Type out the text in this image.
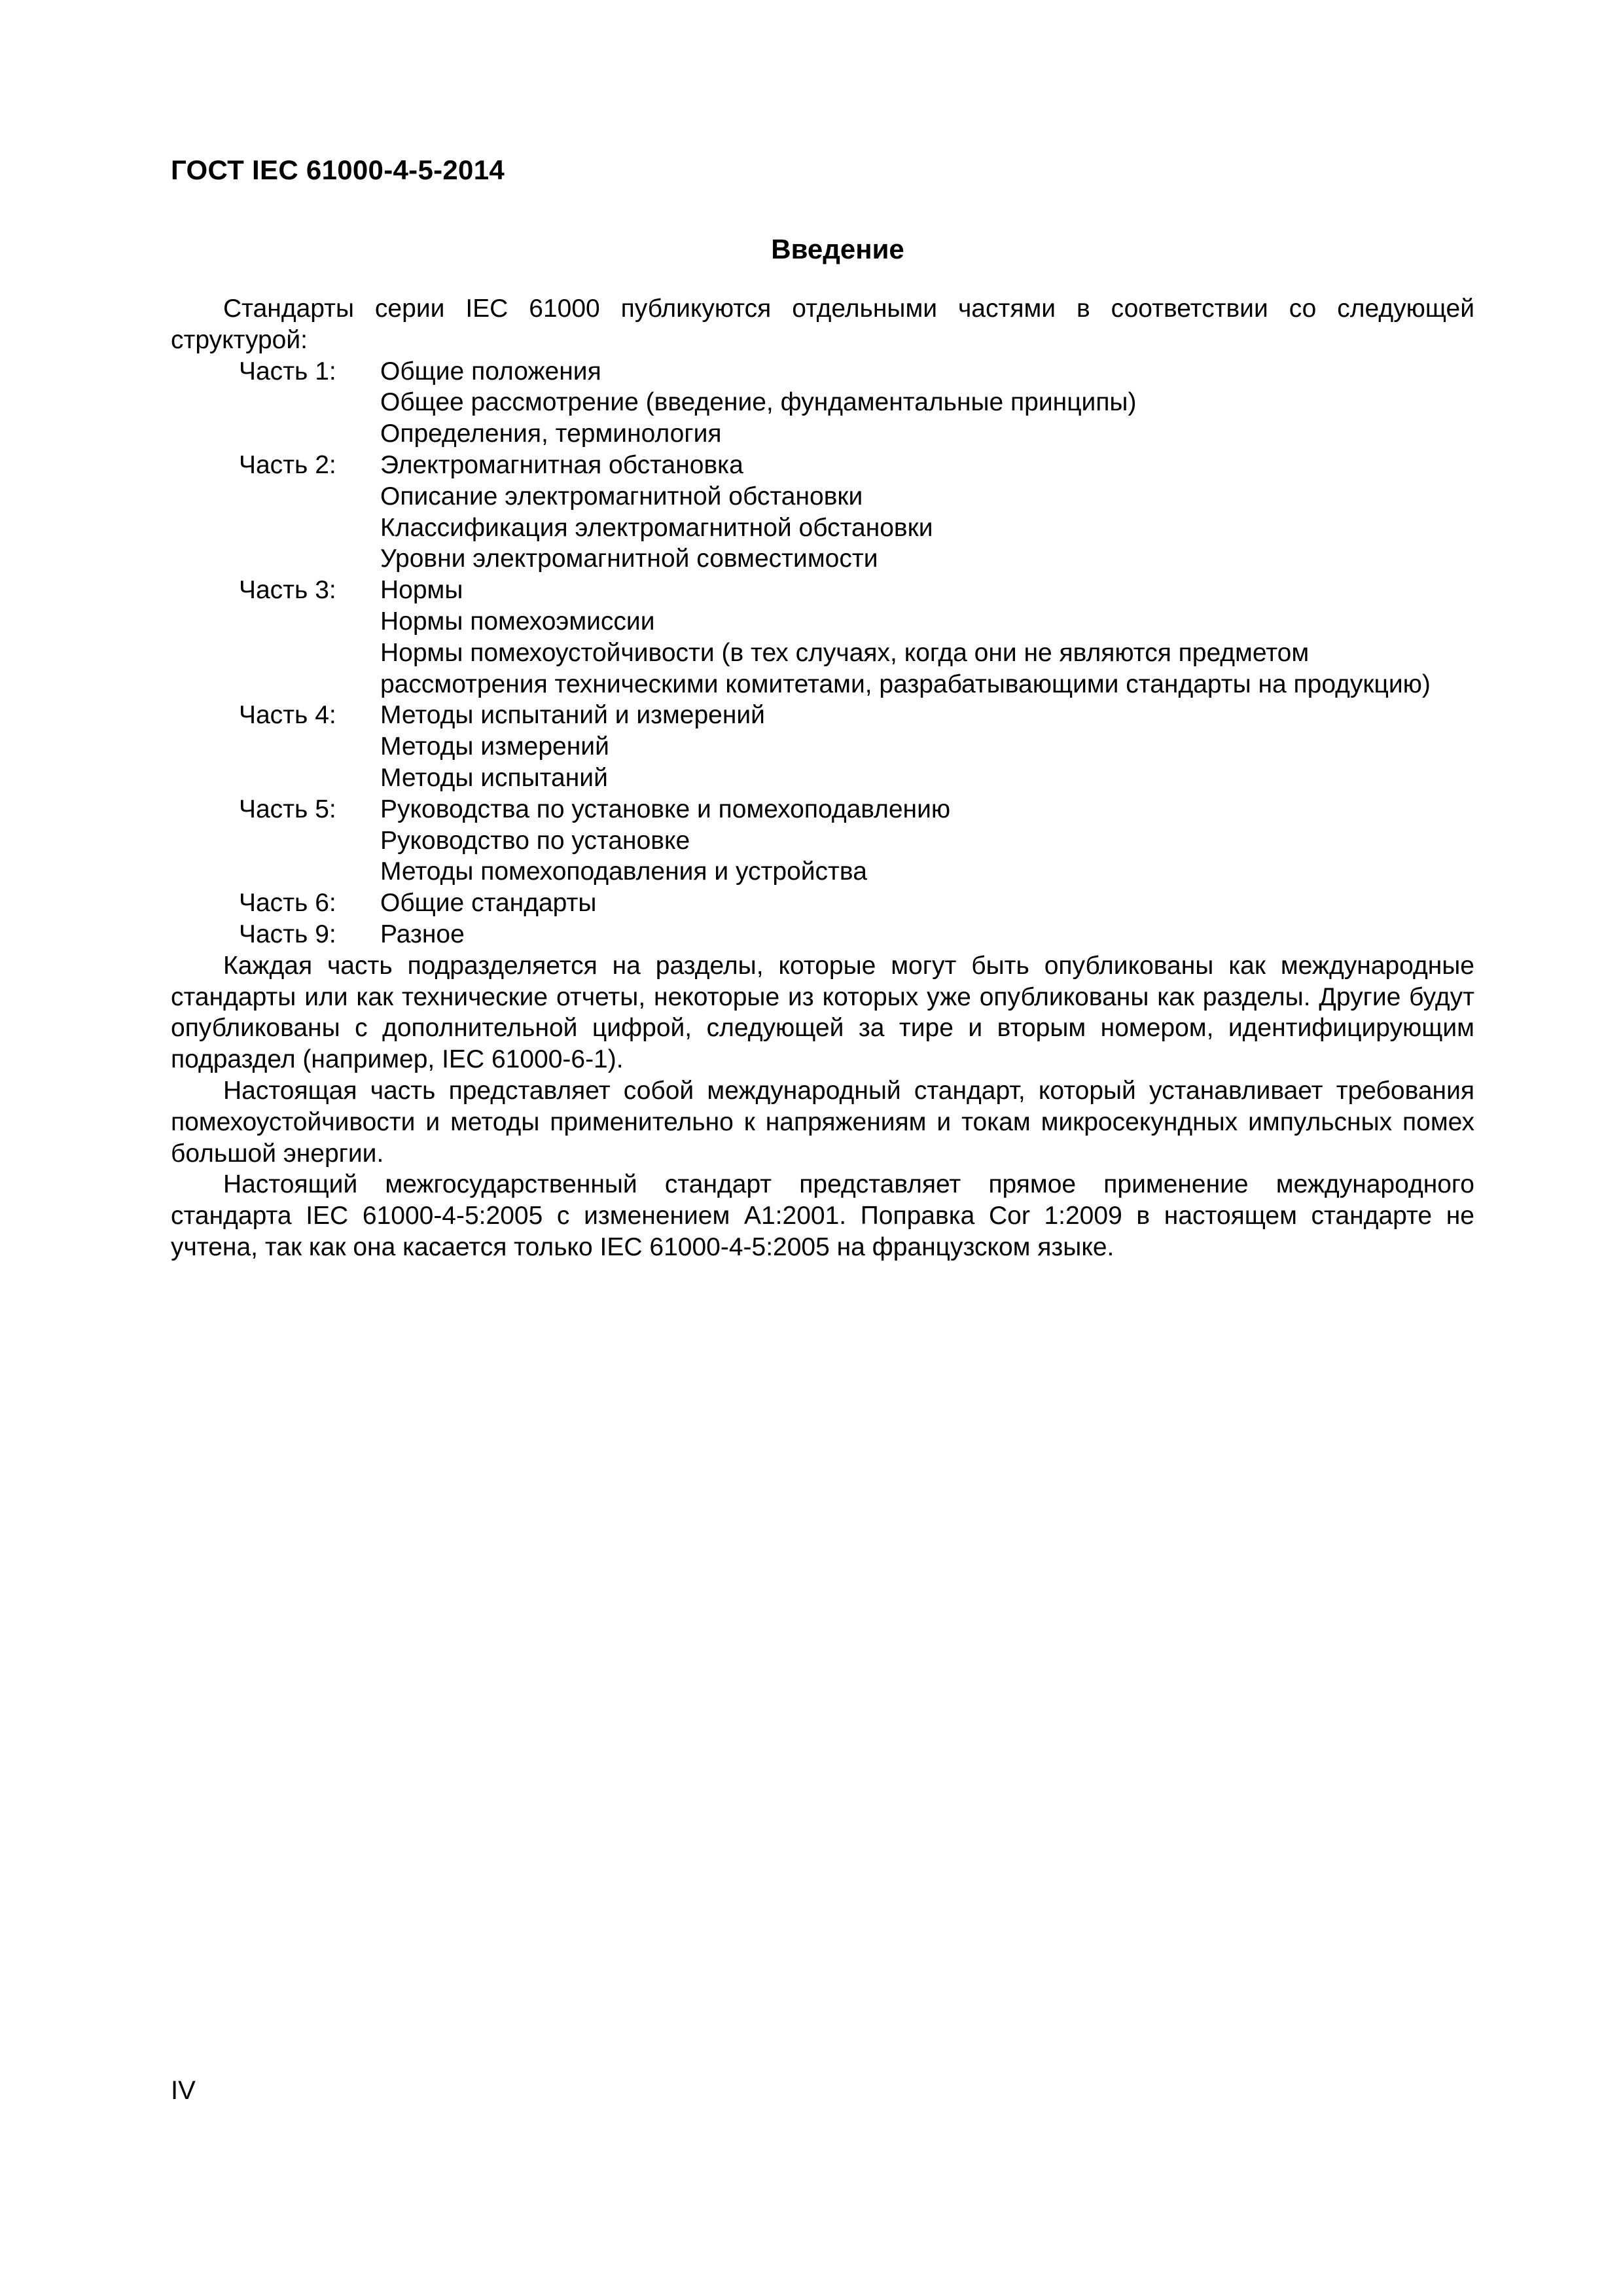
ГОСТ IEC 61000-4-5-2014
Введение

Стандарты серии IEC 61000 публикуются отдельными частями в соответствии со следующей структурой:

Часть 1:	Общие положения
Общее рассмотрение (введение, фундаментальные принципы)
Определения, терминология
Часть 2:	Электромагнитная обстановка
Описание электромагнитной обстановки
Классификация электромагнитной обстановки
Уровни электромагнитной совместимости
Часть 3:	Нормы
Нормы помехоэмиссии
Нормы помехоустойчивости (в тех случаях, когда они не являются предметом рассмотрения техническими комитетами, разрабатывающими стандарты на продукцию)
Часть 4:	Методы испытаний и измерений
Методы измерений
Методы испытаний
Часть 5:	Руководства по установке и помехоподавлению
Руководство по установке
Методы помехоподавления и устройства
Часть 6:	Общие стандарты
Часть 9:	Разное

Каждая часть подразделяется на разделы, которые могут быть опубликованы как международные стандарты или как технические отчеты, некоторые из которых уже опубликованы как разделы. Другие будут опубликованы с дополнительной цифрой, следующей за тире и вторым номером, идентифицирующим подраздел (например, IEC 61000-6-1).

Настоящая часть представляет собой международный стандарт, который устанавливает требования помехоустойчивости и методы применительно к напряжениям и токам микросекундных импульсных помех большой энергии.

Настоящий межгосударственный стандарт представляет прямое применение международного стандарта IEC 61000-4-5:2005 с изменением А1:2001. Поправка Cor 1:2009 в настоящем стандарте не учтена, так как она касается только IEC 61000-4-5:2005 на французском языке.

IV
